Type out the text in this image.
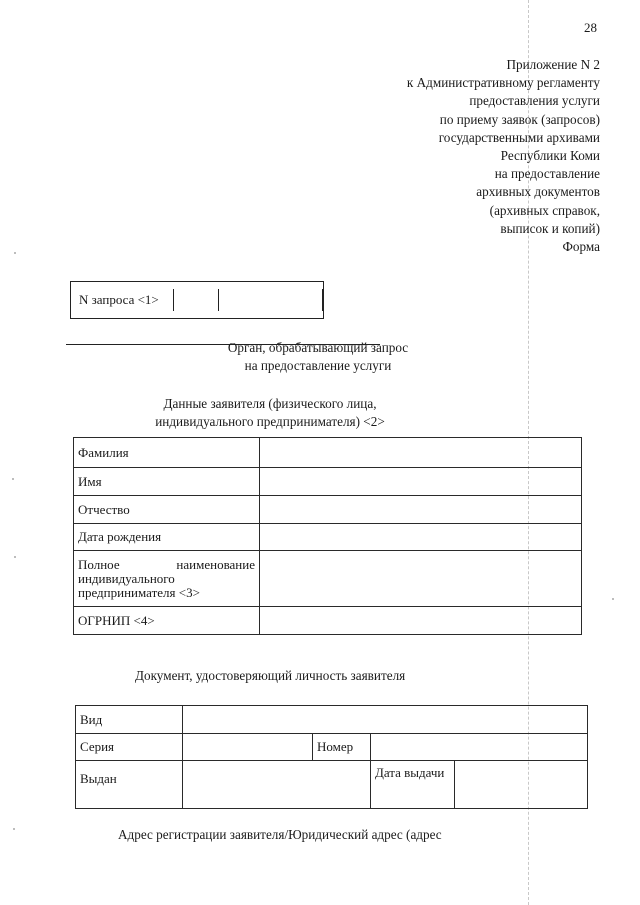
28
Приложение N 2
к Административному регламенту
предоставления услуги
по приему заявок (запросов)
государственными архивами
Республики Коми
на предоставление
архивных документов
(архивных справок,
выписок и копий)
Форма
N запроса <1>
Орган, обрабатывающий запрос
на предоставление услуги
Данные заявителя (физического лица,
индивидуального предпринимателя) <2>
Фамилия	
Имя	
Отчество	
Дата рождения	
Полное наименование индивидуального предпринимателя <3>	
ОГРНИП <4>	
Документ, удостоверяющий личность заявителя
Вид				
Серия		Номер		
Выдан			Дата выдачи	
Адрес регистрации заявителя/Юридический адрес (адрес
